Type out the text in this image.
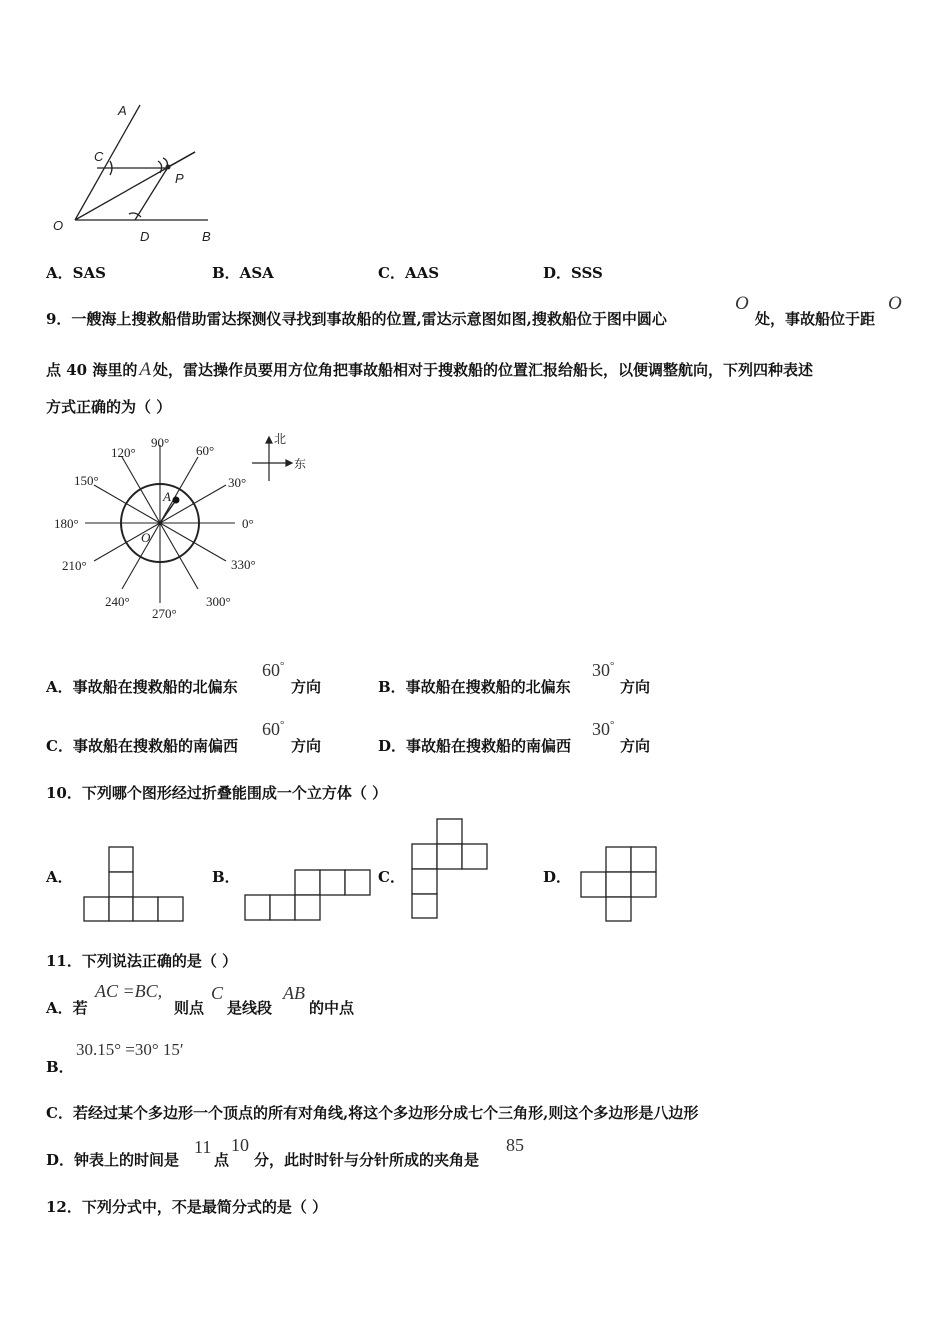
A
C
P
O
D	B
A．SAS	B．ASA	C．AAS	D．SSS
9．一艘海上搜救船借助雷达探测仪寻找到事故船的位置,雷达示意图如图,搜救船位于图中圆心
O
处，事故船位于距
O
点 40 海里的 A 处，雷达操作员要用方位角把事故船相对于搜救船的位置汇报给船长，以便调整航向，下列四种表述
方式正确的为（ ）
90°
60°
120°
30°
150°
180°	0°
210°	330°
240°	300°
270°
A
O
北
东
A．事故船在搜救船的北偏东
60°
方向	B．事故船在搜救船的北偏东
30°
方向
C．事故船在搜救船的南偏西
60°
方向	D．事故船在搜救船的南偏西
30°
方向
10．下列哪个图形经过折叠能围成一个立方体（ ）
A．	B．	C．	D．
11．下列说法正确的是（ ）
A．若
AC =BC,
则点
C
是线段
AB
的中点
B．
30.15° =30° 15′
C．若经过某个多边形一个顶点的所有对角线,将这个多边形分成七个三角形,则这个多边形是八边形
D．钟表上的时间是
11
点
10
分，此时时针与分针所成的夹角是
85
12．下列分式中，不是最简分式的是（ ）
